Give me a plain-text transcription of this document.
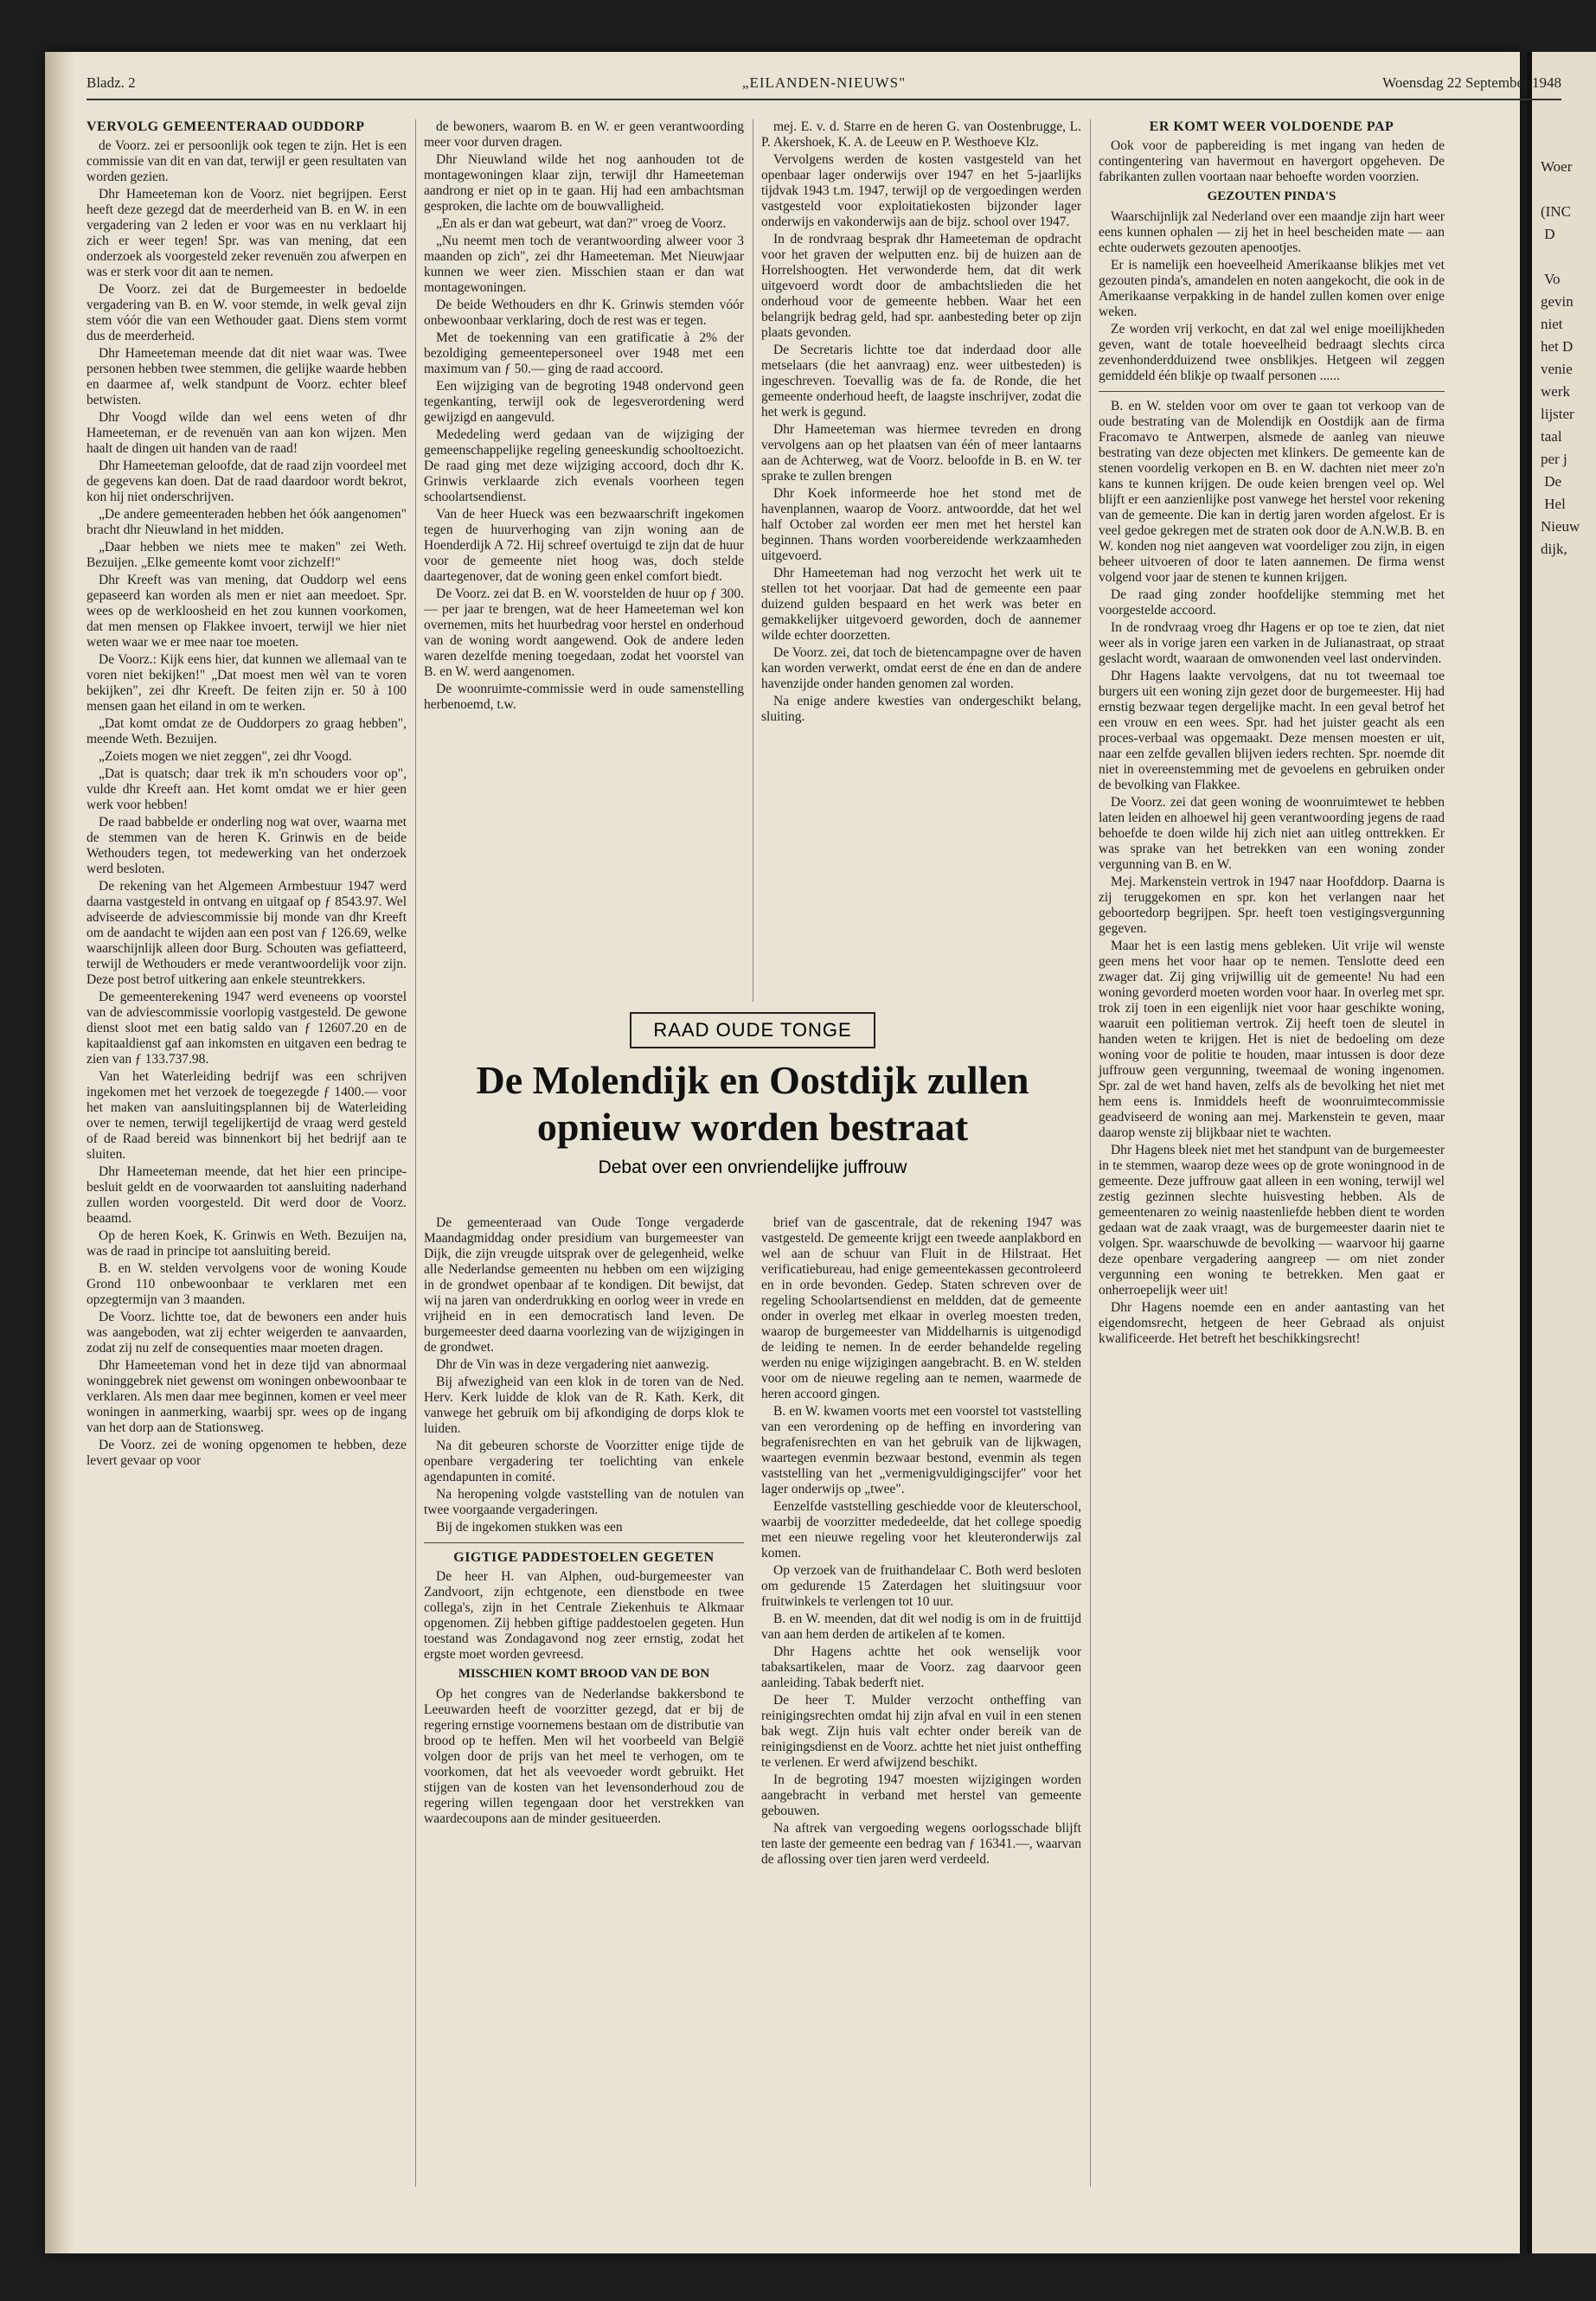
Woer

(INC
D

Vo
gevin
niet
het D
venie
werk
lijster
taal
per j
De
Hel
Nieuw
dijk,
Bladz. 2	„EILANDEN-NIEUWS"	Woensdag 22 September 1948
VERVOLG GEMEENTERAAD OUDDORP

de Voorz. zei er persoonlijk ook tegen te zijn. Het is een commissie van dit en van dat, terwijl er geen resultaten van worden gezien.

Dhr Hameeteman kon de Voorz. niet begrijpen. Eerst heeft deze gezegd dat de meerderheid van B. en W. in een vergadering van 2 leden er voor was en nu verklaart hij zich er weer tegen! Spr. was van mening, dat een onderzoek als voorgesteld zeker revenuën zou afwerpen en was er sterk voor dit aan te nemen.

De Voorz. zei dat de Burgemeester in bedoelde vergadering van B. en W. voor stemde, in welk geval zijn stem vóór die van een Wethouder gaat. Diens stem vormt dus de meerderheid.

Dhr Hameeteman meende dat dit niet waar was. Twee personen hebben twee stemmen, die gelijke waarde hebben en daarmee af, welk standpunt de Voorz. echter bleef betwisten.

Dhr Voogd wilde dan wel eens weten of dhr Hameeteman, er de revenuën van aan kon wijzen. Men haalt de dingen uit handen van de raad!

Dhr Hameeteman geloofde, dat de raad zijn voordeel met de gegevens kan doen. Dat de raad daardoor wordt bekrot, kon hij niet onderschrijven.

„De andere gemeenteraden hebben het óók aangenomen" bracht dhr Nieuwland in het midden.

„Daar hebben we niets mee te maken" zei Weth. Bezuijen. „Elke gemeente komt voor zichzelf!"

Dhr Kreeft was van mening, dat Ouddorp wel eens gepaseerd kan worden als men er niet aan meedoet. Spr. wees op de werkloosheid en het zou kunnen voorkomen, dat men mensen op Flakkee invoert, terwijl we hier niet weten waar we er mee naar toe moeten.

De Voorz.: Kijk eens hier, dat kunnen we allemaal van te voren niet bekijken!" „Dat moest men wèl van te voren bekijken", zei dhr Kreeft. De feiten zijn er. 50 à 100 mensen gaan het eiland in om te werken.

„Dat komt omdat ze de Ouddorpers zo graag hebben", meende Weth. Bezuijen.

„Zoiets mogen we niet zeggen", zei dhr Voogd.

„Dat is quatsch; daar trek ik m'n schouders voor op", vulde dhr Kreeft aan. Het komt omdat we er hier geen werk voor hebben!

De raad babbelde er onderling nog wat over, waarna met de stemmen van de heren K. Grinwis en de beide Wethouders tegen, tot medewerking van het onderzoek werd besloten.

De rekening van het Algemeen Armbestuur 1947 werd daarna vastgesteld in ontvang en uitgaaf op ƒ 8543.97. Wel adviseerde de adviescommissie bij monde van dhr Kreeft om de aandacht te wijden aan een post van ƒ 126.69, welke waarschijnlijk alleen door Burg. Schouten was gefiatteerd, terwijl de Wethouders er mede verantwoordelijk voor zijn. Deze post betrof uitkering aan enkele steuntrekkers.

De gemeenterekening 1947 werd eveneens op voorstel van de adviescommissie voorlopig vastgesteld. De gewone dienst sloot met een batig saldo van ƒ 12607.20 en de kapitaaldienst gaf aan inkomsten en uitgaven een bedrag te zien van ƒ 133.737.98.

Van het Waterleiding bedrijf was een schrijven ingekomen met het verzoek de toegezegde ƒ 1400.— voor het maken van aansluitingsplannen bij de Waterleiding over te nemen, terwijl tegelijkertijd de vraag werd gesteld of de Raad bereid was binnenkort bij het bedrijf aan te sluiten.

Dhr Hameeteman meende, dat het hier een principe-besluit geldt en de voorwaarden tot aansluiting naderhand zullen worden voorgesteld. Dit werd door de Voorz. beaamd.

Op de heren Koek, K. Grinwis en Weth. Bezuijen na, was de raad in principe tot aansluiting bereid.

B. en W. stelden vervolgens voor de woning Koude Grond 110 onbewoonbaar te verklaren met een opzegtermijn van 3 maanden.

De Voorz. lichtte toe, dat de bewoners een ander huis was aangeboden, wat zij echter weigerden te aanvaarden, zodat zij nu zelf de consequenties maar moeten dragen.

Dhr Hameeteman vond het in deze tijd van abnormaal woninggebrek niet gewenst om woningen onbewoonbaar te verklaren. Als men daar mee beginnen, komen er veel meer woningen in aanmerking, waarbij spr. wees op de ingang van het dorp aan de Stationsweg.

De Voorz. zei de woning opgenomen te hebben, deze levert gevaar op voor

de bewoners, waarom B. en W. er geen verantwoording meer voor durven dragen.

Dhr Nieuwland wilde het nog aanhouden tot de montagewoningen klaar zijn, terwijl dhr Hameeteman aandrong er niet op in te gaan. Hij had een ambachtsman gesproken, die lachte om de bouwvalligheid.

„En als er dan wat gebeurt, wat dan?" vroeg de Voorz.

„Nu neemt men toch de verantwoording alweer voor 3 maanden op zich", zei dhr Hameeteman. Met Nieuwjaar kunnen we weer zien. Misschien staan er dan wat montagewoningen.

De beide Wethouders en dhr K. Grinwis stemden vóór onbewoonbaar verklaring, doch de rest was er tegen.

Met de toekenning van een gratificatie à 2% der bezoldiging gemeentepersoneel over 1948 met een maximum van ƒ 50.— ging de raad accoord.

Een wijziging van de begroting 1948 ondervond geen tegenkanting, terwijl ook de legesverordening werd gewijzigd en aangevuld.

Mededeling werd gedaan van de wijziging der gemeenschappelijke regeling geneeskundig schooltoezicht. De raad ging met deze wijziging accoord, doch dhr K. Grinwis verklaarde zich evenals voorheen tegen schoolartsendienst.

Van de heer Hueck was een bezwaarschrift ingekomen tegen de huurverhoging van zijn woning aan de Hoenderdijk A 72. Hij schreef overtuigd te zijn dat de huur voor de gemeente niet hoog was, doch stelde daartegenover, dat de woning geen enkel comfort biedt.

De Voorz. zei dat B. en W. voorstelden de huur op ƒ 300.— per jaar te brengen, wat de heer Hameeteman wel kon overnemen, mits het huurbedrag voor herstel en onderhoud van de woning wordt aangewend. Ook de andere leden waren dezelfde mening toegedaan, zodat het voorstel van B. en W. werd aangenomen.

De woonruimte-commissie werd in oude samenstelling herbenoemd, t.w.

mej. E. v. d. Starre en de heren G. van Oostenbrugge, L. P. Akershoek, K. A. de Leeuw en P. Westhoeve Klz.

Vervolgens werden de kosten vastgesteld van het openbaar lager onderwijs over 1947 en het 5-jaarlijks tijdvak 1943 t.m. 1947, terwijl op de vergoedingen werden vastgesteld voor exploitatiekosten bijzonder lager onderwijs en vakonderwijs aan de bijz. school over 1947.

In de rondvraag besprak dhr Hameeteman de opdracht voor het graven der welputten enz. bij de huizen aan de Horrelshoogten. Het verwonderde hem, dat dit werk uitgevoerd wordt door de ambachtslieden die het onderhoud voor de gemeente hebben. Waar het een belangrijk bedrag geld, had spr. aanbesteding beter op zijn plaats gevonden.

De Secretaris lichtte toe dat inderdaad door alle metselaars (die het aanvraag) enz. weer uitbesteden) is ingeschreven. Toevallig was de fa. de Ronde, die het gemeente onderhoud heeft, de laagste inschrijver, zodat die het werk is gegund.

Dhr Hameeteman was hiermee tevreden en drong vervolgens aan op het plaatsen van één of meer lantaarns aan de Achterweg, wat de Voorz. beloofde in B. en W. ter sprake te zullen brengen

Dhr Koek informeerde hoe het stond met de havenplannen, waarop de Voorz. antwoordde, dat het wel half October zal worden eer men met het herstel kan beginnen. Thans worden voorbereidende werkzaamheden uitgevoerd.

Dhr Hameeteman had nog verzocht het werk uit te stellen tot het voorjaar. Dat had de gemeente een paar duizend gulden bespaard en het werk was beter en gemakkelijker uitgevoerd geworden, doch de aannemer wilde echter doorzetten.

De Voorz. zei, dat toch de bietencampagne over de haven kan worden verwerkt, omdat eerst de éne en dan de andere havenzijde onder handen genomen zal worden.

Na enige andere kwesties van ondergeschikt belang, sluiting.

ER KOMT WEER VOLDOENDE PAP

Ook voor de papbereiding is met ingang van heden de contingentering van havermout en havergort opgeheven. De fabrikanten zullen voortaan naar behoefte worden voorzien.

GEZOUTEN PINDA'S

Waarschijnlijk zal Nederland over een maandje zijn hart weer eens kunnen ophalen — zij het in heel bescheiden mate — aan echte ouderwets gezouten apenootjes.

Er is namelijk een hoeveelheid Amerikaanse blikjes met vet gezouten pinda's, amandelen en noten aangekocht, die ook in de Amerikaanse verpakking in de handel zullen komen over enige weken.

Ze worden vrij verkocht, en dat zal wel enige moeilijkheden geven, want de totale hoeveelheid bedraagt slechts circa zevenhonderdduizend twee onsblikjes. Hetgeen wil zeggen gemiddeld één blikje op twaalf personen ......

B. en W. stelden voor om over te gaan tot verkoop van de oude bestrating van de Molendijk en Oostdijk aan de firma Fracomavo te Antwerpen, alsmede de aanleg van nieuwe bestrating van deze objecten met klinkers. De gemeente kan de stenen voordelig verkopen en B. en W. dachten niet meer zo'n kans te kunnen krijgen. De oude keien brengen veel op. Wel blijft er een aanzienlijke post vanwege het herstel voor rekening van de gemeente. Die kan in dertig jaren worden afgelost. Er is veel gedoe gekregen met de straten ook door de A.N.W.B. B. en W. konden nog niet aangeven wat voordeliger zou zijn, in eigen beheer uitvoeren of door te laten aannemen. De firma wenst volgend voor jaar de stenen te kunnen krijgen.

De raad ging zonder hoofdelijke stemming met het voorgestelde accoord.

In de rondvraag vroeg dhr Hagens er op toe te zien, dat niet weer als in vorige jaren een varken in de Julianastraat, op straat geslacht wordt, waaraan de omwonenden veel last ondervinden.

Dhr Hagens laakte vervolgens, dat nu tot tweemaal toe burgers uit een woning zijn gezet door de burgemeester. Hij had ernstig bezwaar tegen dergelijke macht. In een geval betrof het een vrouw en een wees. Spr. had het juister geacht als een proces-verbaal was opgemaakt. Deze mensen moesten er uit, naar een zelfde gevallen blijven ieders rechten. Spr. noemde dit niet in overeenstemming met de gevoelens en gebruiken onder de bevolking van Flakkee.

De Voorz. zei dat geen woning de woonruimtewet te hebben laten leiden en alhoewel hij geen verantwoording jegens de raad behoefde te doen wilde hij zich niet aan uitleg onttrekken. Er was sprake van het betrekken van een woning zonder vergunning van B. en W.

Mej. Markenstein vertrok in 1947 naar Hoofddorp. Daarna is zij teruggekomen en spr. kon het verlangen naar het geboortedorp begrijpen. Spr. heeft toen vestigingsvergunning gegeven.

Maar het is een lastig mens gebleken. Uit vrije wil wenste geen mens het voor haar op te nemen. Tenslotte deed een zwager dat. Zij ging vrijwillig uit de gemeente! Nu had een woning gevorderd moeten worden voor haar. In overleg met spr. trok zij toen in een eigenlijk niet voor haar geschikte woning, waaruit een politieman vertrok. Zij heeft toen de sleutel in handen weten te krijgen. Het is niet de bedoeling om deze woning voor de politie te houden, maar intussen is door deze juffrouw geen vergunning, tweemaal de woning ingenomen. Spr. zal de wet hand haven, zelfs als de bevolking het niet met hem eens is. Inmiddels heeft de woonruimtecommissie geadviseerd de woning aan mej. Markenstein te geven, maar daarop wenste zij blijkbaar niet te wachten.

Dhr Hagens bleek niet met het standpunt van de burgemeester in te stemmen, waarop deze wees op de grote woningnood in de gemeente. Deze juffrouw gaat alleen in een woning, terwijl wel zestig gezinnen slechte huisvesting hebben. Als de gemeentenaren zo weinig naastenliefde hebben dient te worden gedaan wat de zaak vraagt, was de burgemeester daarin niet te volgen. Spr. waarschuwde de bevolking — waarvoor hij gaarne deze openbare vergadering aangreep — om niet zonder vergunning een woning te betrekken. Men gaat er onherroepelijk weer uit!

Dhr Hagens noemde een en ander aantasting van het eigendomsrecht, hetgeen de heer Gebraad als onjuist kwalificeerde. Het betreft het beschikkingsrecht!

RAAD OUDE TONGE

De Molendijk en Oostdijk zullen

opnieuw worden bestraat

Debat over een onvriendelijke juffrouw

De gemeenteraad van Oude Tonge vergaderde Maandagmiddag onder presidium van burgemeester van Dijk, die zijn vreugde uitsprak over de gelegenheid, welke alle Nederlandse gemeenten nu hebben om een wijziging in de grondwet openbaar af te kondigen. Dit bewijst, dat wij na jaren van onderdrukking en oorlog weer in vrede en vrijheid en in een democratisch land leven. De burgemeester deed daarna voorlezing van de wijzigingen in de grondwet.

Dhr de Vin was in deze vergadering niet aanwezig.

Bij afwezigheid van een klok in de toren van de Ned. Herv. Kerk luidde de klok van de R. Kath. Kerk, dit vanwege het gebruik om bij afkondiging de dorps klok te luiden.

Na dit gebeuren schorste de Voorzitter enige tijde de openbare vergadering ter toelichting van enkele agendapunten in comité.

Na heropening volgde vaststelling van de notulen van twee voorgaande vergaderingen.

Bij de ingekomen stukken was een

GIGTIGE PADDESTOELEN GEGETEN

De heer H. van Alphen, oud-burgemeester van Zandvoort, zijn echtgenote, een dienstbode en twee collega's, zijn in het Centrale Ziekenhuis te Alkmaar opgenomen. Zij hebben giftige paddestoelen gegeten. Hun toestand was Zondagavond nog zeer ernstig, zodat het ergste moet worden gevreesd.

MISSCHIEN KOMT BROOD VAN DE BON

Op het congres van de Nederlandse bakkersbond te Leeuwarden heeft de voorzitter gezegd, dat er bij de regering ernstige voornemens bestaan om de distributie van brood op te heffen. Men wil het voorbeeld van België volgen door de prijs van het meel te verhogen, om te voorkomen, dat het als veevoeder wordt gebruikt. Het stijgen van de kosten van het levensonderhoud zou de regering willen tegengaan door het verstrekken van waardecoupons aan de minder gesitueerden.

brief van de gascentrale, dat de rekening 1947 was vastgesteld. De gemeente krijgt een tweede aanplakbord en wel aan de schuur van Fluit in de Hilstraat. Het verificatiebureau, had enige gemeentekassen gecontroleerd en in orde bevonden. Gedep. Staten schreven over de regeling Schoolartsendienst en meldden, dat de gemeente onder in overleg met elkaar in overleg moesten treden, waarop de burgemeester van Middelharnis is uitgenodigd de leiding te nemen. In de eerder behandelde regeling werden nu enige wijzigingen aangebracht. B. en W. stelden voor om de nieuwe regeling aan te nemen, waarmede de heren accoord gingen.

B. en W. kwamen voorts met een voorstel tot vaststelling van een verordening op de heffing en invordering van begrafenisrechten en van het gebruik van de lijkwagen, waartegen evenmin bezwaar bestond, evenmin als tegen vaststelling van het „vermenigvuldigingscijfer" voor het lager onderwijs op „twee".

Eenzelfde vaststelling geschiedde voor de kleuterschool, waarbij de voorzitter mededeelde, dat het college spoedig met een nieuwe regeling voor het kleuteronderwijs zal komen.

Op verzoek van de fruithandelaar C. Both werd besloten om gedurende 15 Zaterdagen het sluitingsuur voor fruitwinkels te verlengen tot 10 uur.

B. en W. meenden, dat dit wel nodig is om in de fruittijd van aan hem derden de artikelen af te komen.

Dhr Hagens achtte het ook wenselijk voor tabaksartikelen, maar de Voorz. zag daarvoor geen aanleiding. Tabak bederft niet.

De heer T. Mulder verzocht ontheffing van reinigingsrechten omdat hij zijn afval en vuil in een stenen bak wegt. Zijn huis valt echter onder bereik van de reinigingsdienst en de Voorz. achtte het niet juist ontheffing te verlenen. Er werd afwijzend beschikt.

In de begroting 1947 moesten wijzigingen worden aangebracht in verband met herstel van gemeente gebouwen.

Na aftrek van vergoeding wegens oorlogsschade blijft ten laste der gemeente een bedrag van ƒ 16341.—, waarvan de aflossing over tien jaren werd verdeeld.
